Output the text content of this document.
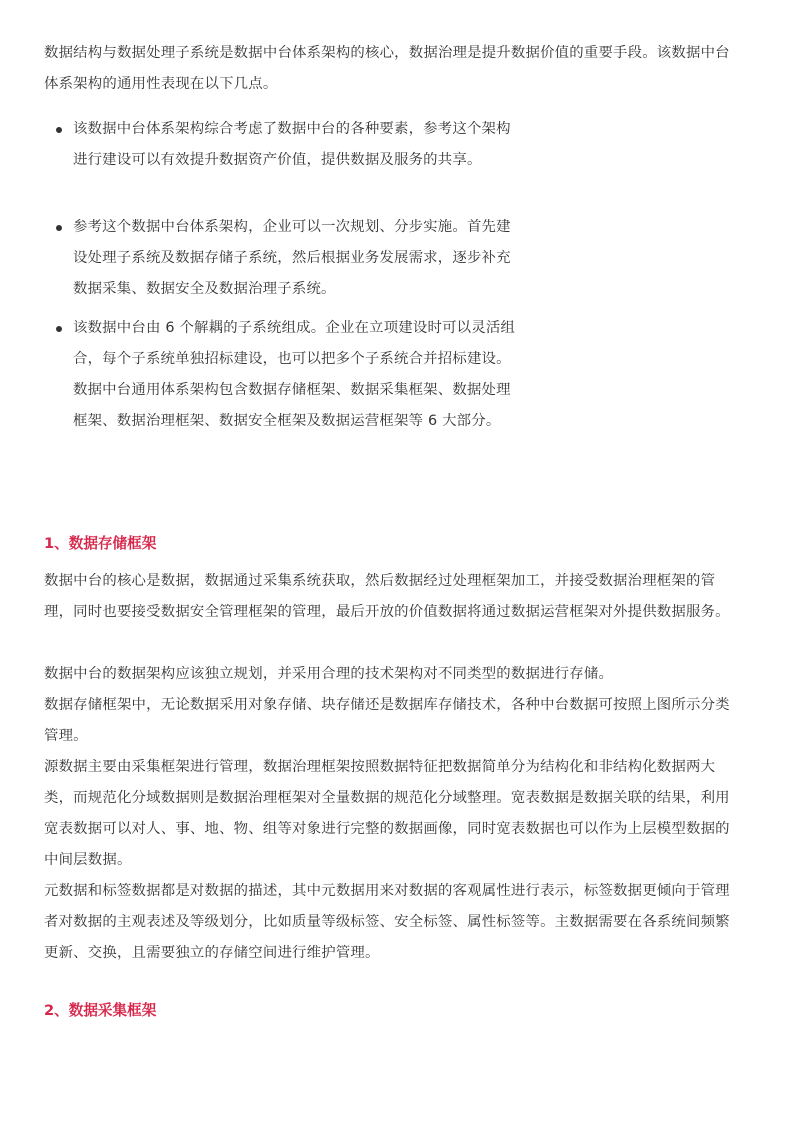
数据结构与数据处理子系统是数据中台体系架构的核心，数据治理是提升数据价值的重要手段。该数据中台体系架构的通用性表现在以下几点。

该数据中台体系架构综合考虑了数据中台的各种要素，参考这个架构进行建设可以有效提升数据资产价值，提供数据及服务的共享。

参考这个数据中台体系架构，企业可以一次规划、分步实施。首先建设处理子系统及数据存储子系统，然后根据业务发展需求，逐步补充数据采集、数据安全及数据治理子系统。

该数据中台由 6 个解耦的子系统组成。企业在立项建设时可以灵活组合，每个子系统单独招标建设，也可以把多个子系统合并招标建设。数据中台通用体系架构包含数据存储框架、数据采集框架、数据处理框架、数据治理框架、数据安全框架及数据运营框架等 6 大部分。

1、数据存储框架

数据中台的核心是数据，数据通过采集系统获取，然后数据经过处理框架加工，并接受数据治理框架的管理，同时也要接受数据安全管理框架的管理，最后开放的价值数据将通过数据运营框架对外提供数据服务。

数据中台的数据架构应该独立规划，并采用合理的技术架构对不同类型的数据进行存储。

数据存储框架中，无论数据采用对象存储、块存储还是数据库存储技术，各种中台数据可按照上图所示分类管理。

源数据主要由采集框架进行管理，数据治理框架按照数据特征把数据简单分为结构化和非结构化数据两大类，而规范化分域数据则是数据治理框架对全量数据的规范化分域整理。宽表数据是数据关联的结果，利用宽表数据可以对人、事、地、物、组等对象进行完整的数据画像，同时宽表数据也可以作为上层模型数据的中间层数据。

元数据和标签数据都是对数据的描述，其中元数据用来对数据的客观属性进行表示，标签数据更倾向于管理者对数据的主观表述及等级划分，比如质量等级标签、安全标签、属性标签等。主数据需要在各系统间频繁更新、交换，且需要独立的存储空间进行维护管理。

2、数据采集框架
